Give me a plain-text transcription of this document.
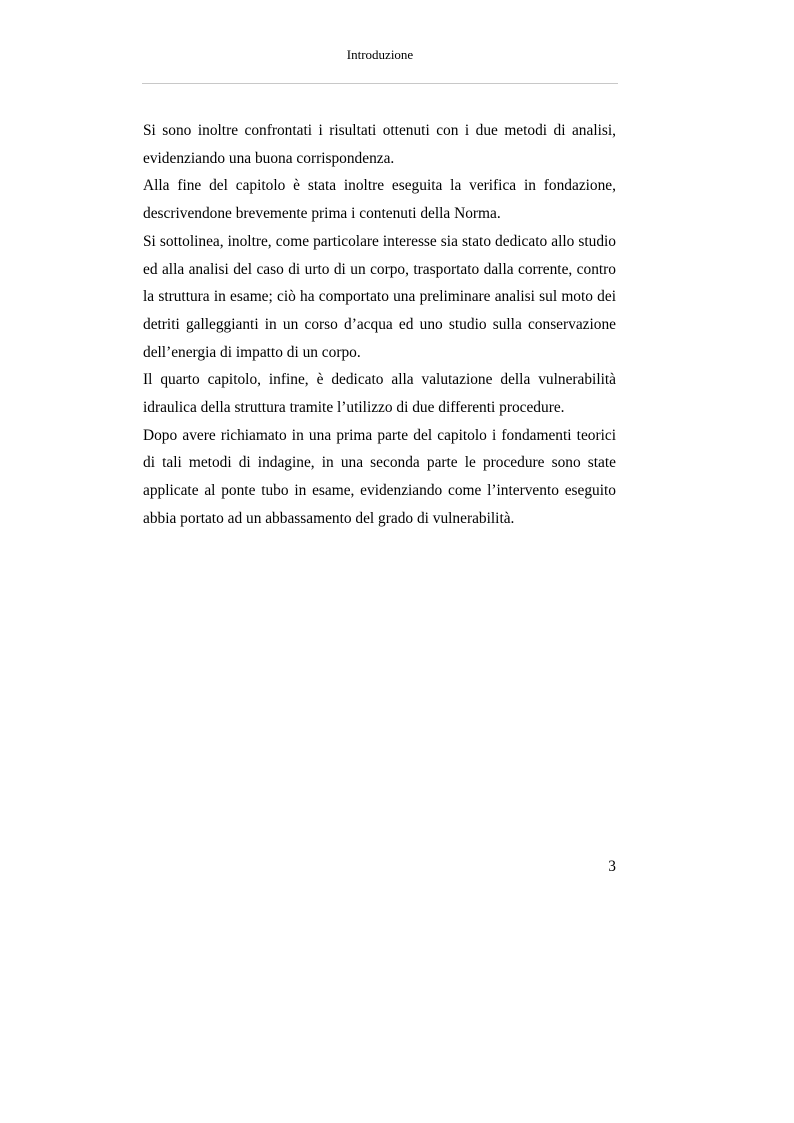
Introduzione

Si sono inoltre confrontati i risultati ottenuti con i due metodi di analisi, evidenziando una buona corrispondenza.

Alla fine del capitolo è stata inoltre eseguita la verifica in fondazione, descrivendone brevemente prima i contenuti della Norma.

Si sottolinea, inoltre, come particolare interesse sia stato dedicato allo studio ed alla analisi del caso di urto di un corpo, trasportato dalla corrente, contro la struttura in esame; ciò ha comportato una preliminare analisi sul moto dei detriti galleggianti in un corso d’acqua ed uno studio sulla conservazione dell’energia di impatto di un corpo.

Il quarto capitolo, infine, è dedicato alla valutazione della vulnerabilità idraulica della struttura tramite l’utilizzo di due differenti procedure.

Dopo avere richiamato in una prima parte del capitolo i fondamenti teorici di tali metodi di indagine, in una seconda parte le procedure sono state applicate al ponte tubo in esame, evidenziando come l’intervento eseguito abbia portato ad un abbassamento del grado di vulnerabilità.

3
